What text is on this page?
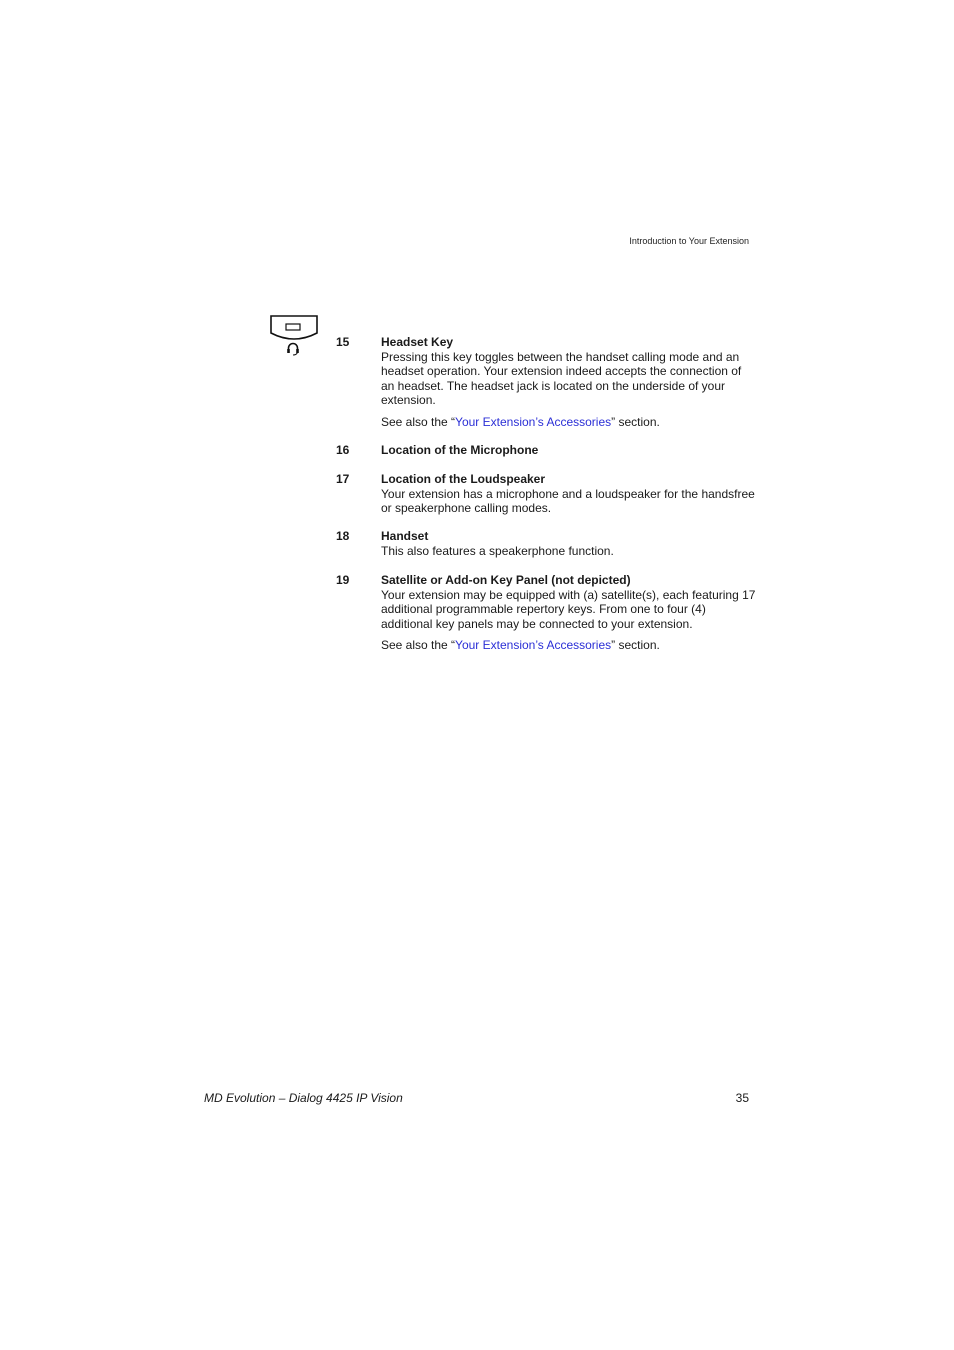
Introduction to Your Extension
15	Headset Key

Pressing this key toggles between the handset calling mode and an headset operation. Your extension indeed accepts the connection of an headset. The headset jack is located on the underside of your extension.

See also the “Your Extension’s Accessories” section.

16	Location of the Microphone
17	Location of the Loudspeaker

Your extension has a microphone and a loudspeaker for the handsfree or speakerphone calling modes.

18	Handset

This also features a speakerphone function.

19	Satellite or Add-on Key Panel (not depicted)

Your extension may be equipped with (a) satellite(s), each featuring 17 additional programmable repertory keys. From one to four (4) additional key panels may be connected to your extension.

See also the “Your Extension’s Accessories” section.

MD Evolution – Dialog 4425 IP Vision	35
